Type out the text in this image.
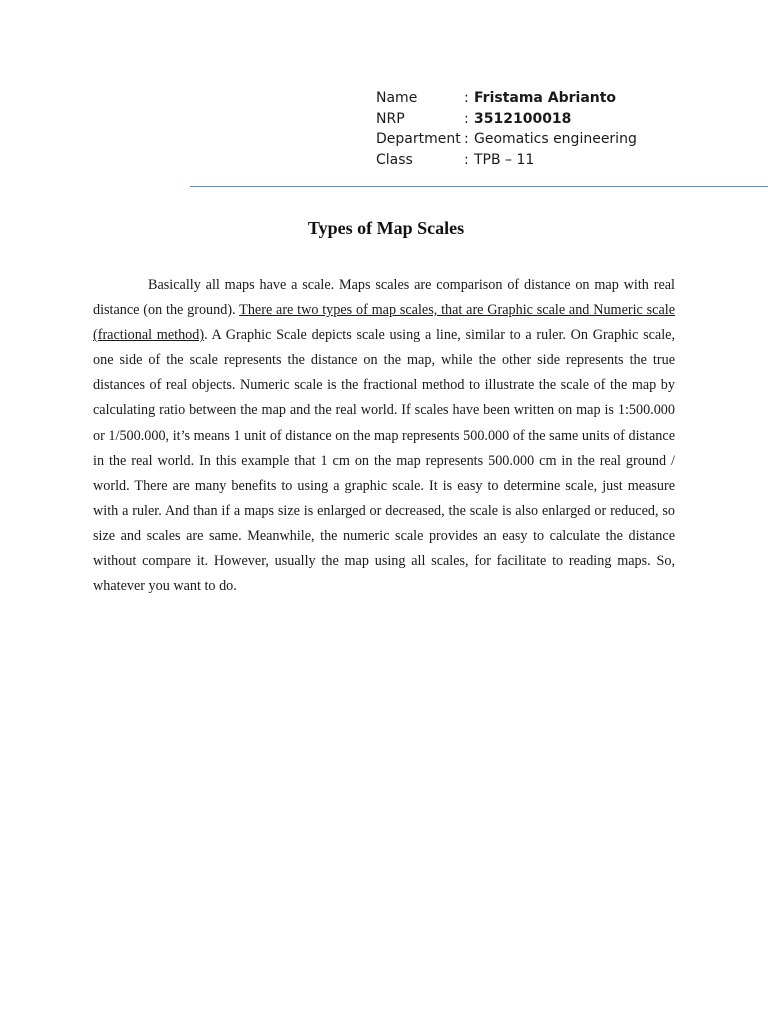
Name	: Fristama Abrianto
NRP	: 3512100018
Department : Geomatics engineering
Class	: TPB – 11
Types of Map Scales

Basically all maps have a scale. Maps scales are comparison of distance on map with real distance (on the ground). There are two types of map scales, that are Graphic scale and Numeric scale (fractional method). A Graphic Scale depicts scale using a line, similar to a ruler. On Graphic scale, one side of the scale represents the distance on the map, while the other side represents the true distances of real objects. Numeric scale is the fractional method to illustrate the scale of the map by calculating ratio between the map and the real world. If scales have been written on map is 1:500.000 or 1/500.000, it’s means 1 unit of distance on the map represents 500.000 of the same units of distance in the real world. In this example that 1 cm on the map represents 500.000 cm in the real ground / world. There are many benefits to using a graphic scale. It is easy to determine scale, just measure with a ruler. And than if a maps size is enlarged or decreased, the scale is also enlarged or reduced, so size and scales are same. Meanwhile, the numeric scale provides an easy to calculate the distance without compare it. However, usually the map using all scales, for facilitate to reading maps. So, whatever you want to do.
